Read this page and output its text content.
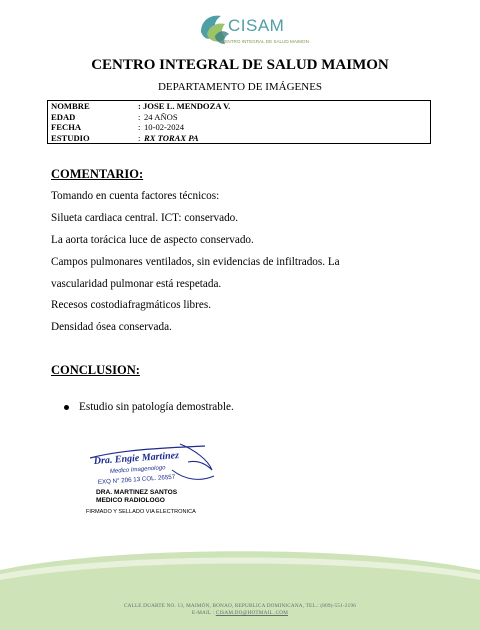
CISAM
CENTRO INTEGRAL DE SALUD MAIMON
CENTRO INTEGRAL DE SALUD MAIMON
DEPARTAMENTO DE IMÁGENES
NOMBRE	: JOSE L. MENDOZA V.
EDAD	: 24 AÑOS
FECHA	: 10-02-2024
ESTUDIO	: RX TORAX PA
COMENTARIO:
Tomando en cuenta factores técnicos:
Silueta cardiaca central. ICT: conservado.
La aorta torácica luce de aspecto conservado.
Campos pulmonares ventilados, sin evidencias de infiltrados. La
vascularidad pulmonar está respetada.
Recesos costodiafragmáticos libres.
Densidad ósea conservada.
CONCLUSION:
Estudio sin patología demostrable.
Dra. Engie Martinez
Medico Imagenologo
EXQ N° 206 13 COL. 26557
DRA. MARTINEZ SANTOS
MEDICO RADIOLOGO
FIRMADO Y SELLADO VIA ELECTRONICA
CALLE DUARTE NO. 13, MAIMÓN, BONAO, REPUBLICA DOMINICANA, TEL.: (809)-551-2196
E-MAIL : CISAM.DO@HOTMAIL .COM
